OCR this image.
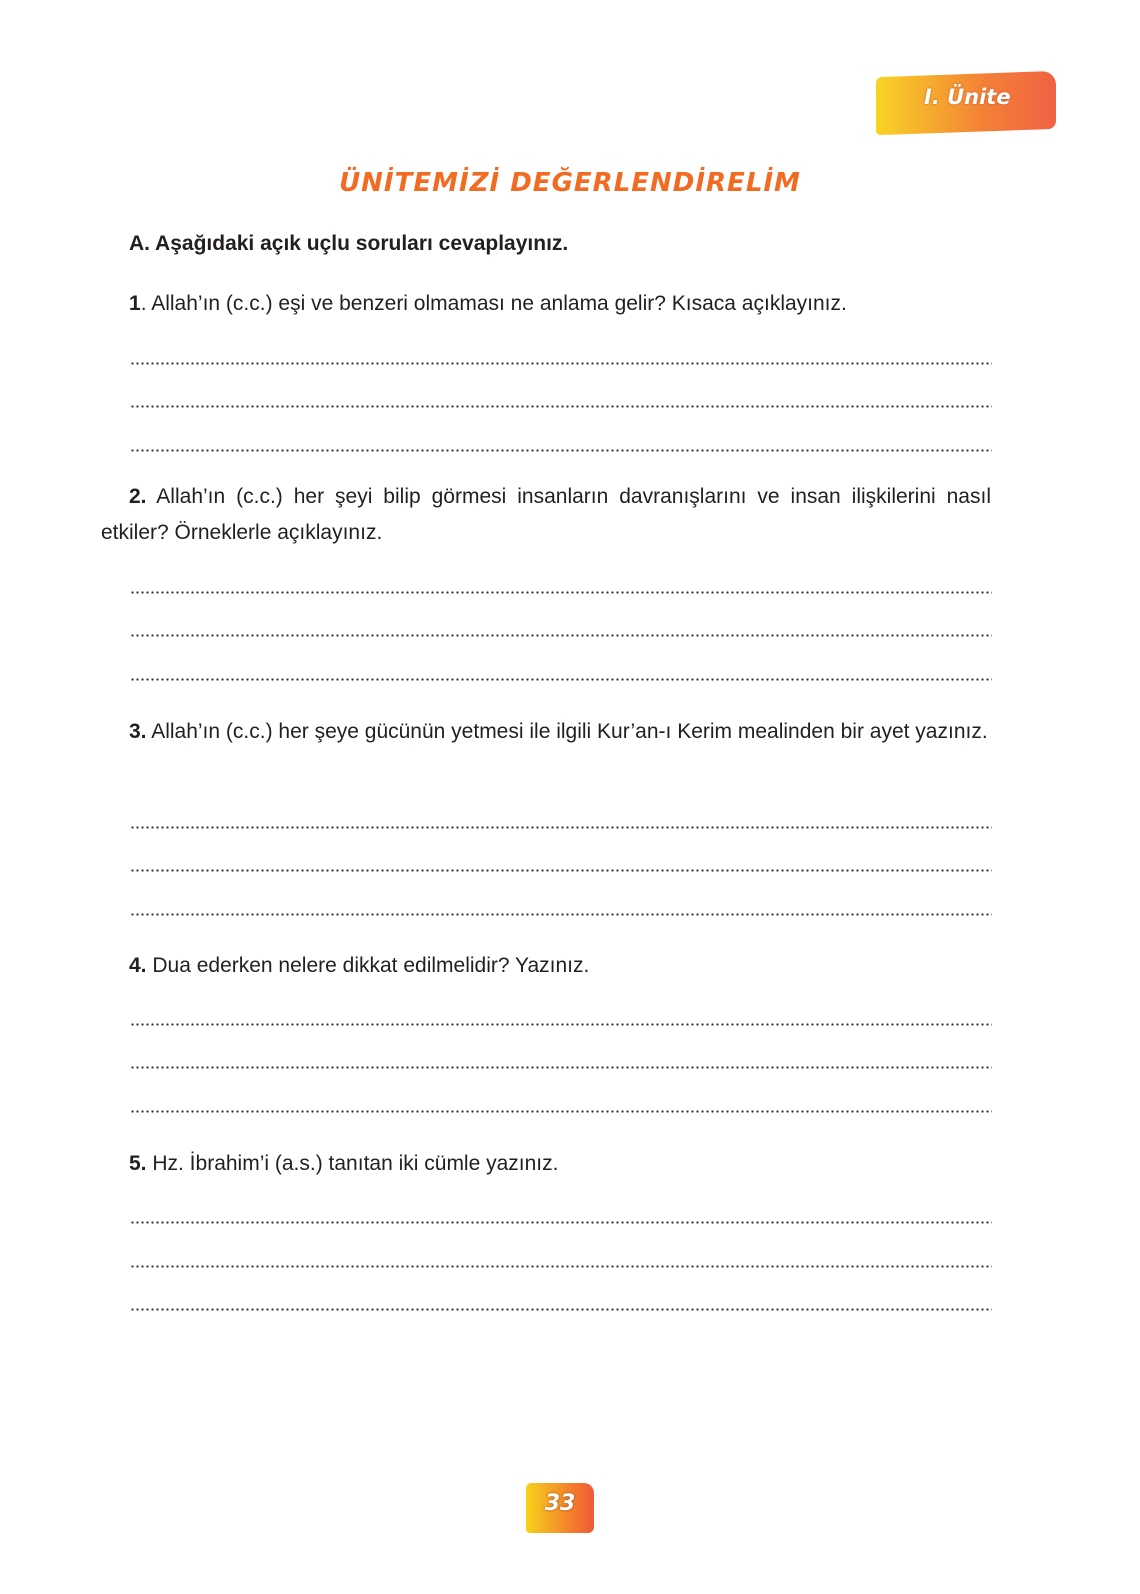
I. Ünite
ÜNİTEMİZİ DEĞERLENDİRELİM
A. Aşağıdaki açık uçlu soruları cevaplayınız.
1. Allah’ın (c.c.) eşi ve benzeri olmaması ne anlama gelir? Kısaca açıklayınız.
2. Allah’ın (c.c.) her şeyi bilip görmesi insanların davranışlarını ve insan ilişkilerini nasıl etkiler? Örneklerle açıklayınız.
3. Allah’ın (c.c.) her şeye gücünün yetmesi ile ilgili Kur’an-ı Kerim mealinden bir ayet yazınız.
4. Dua ederken nelere dikkat edilmelidir? Yazınız.
5. Hz. İbrahim’i (a.s.) tanıtan iki cümle yazınız.
33
